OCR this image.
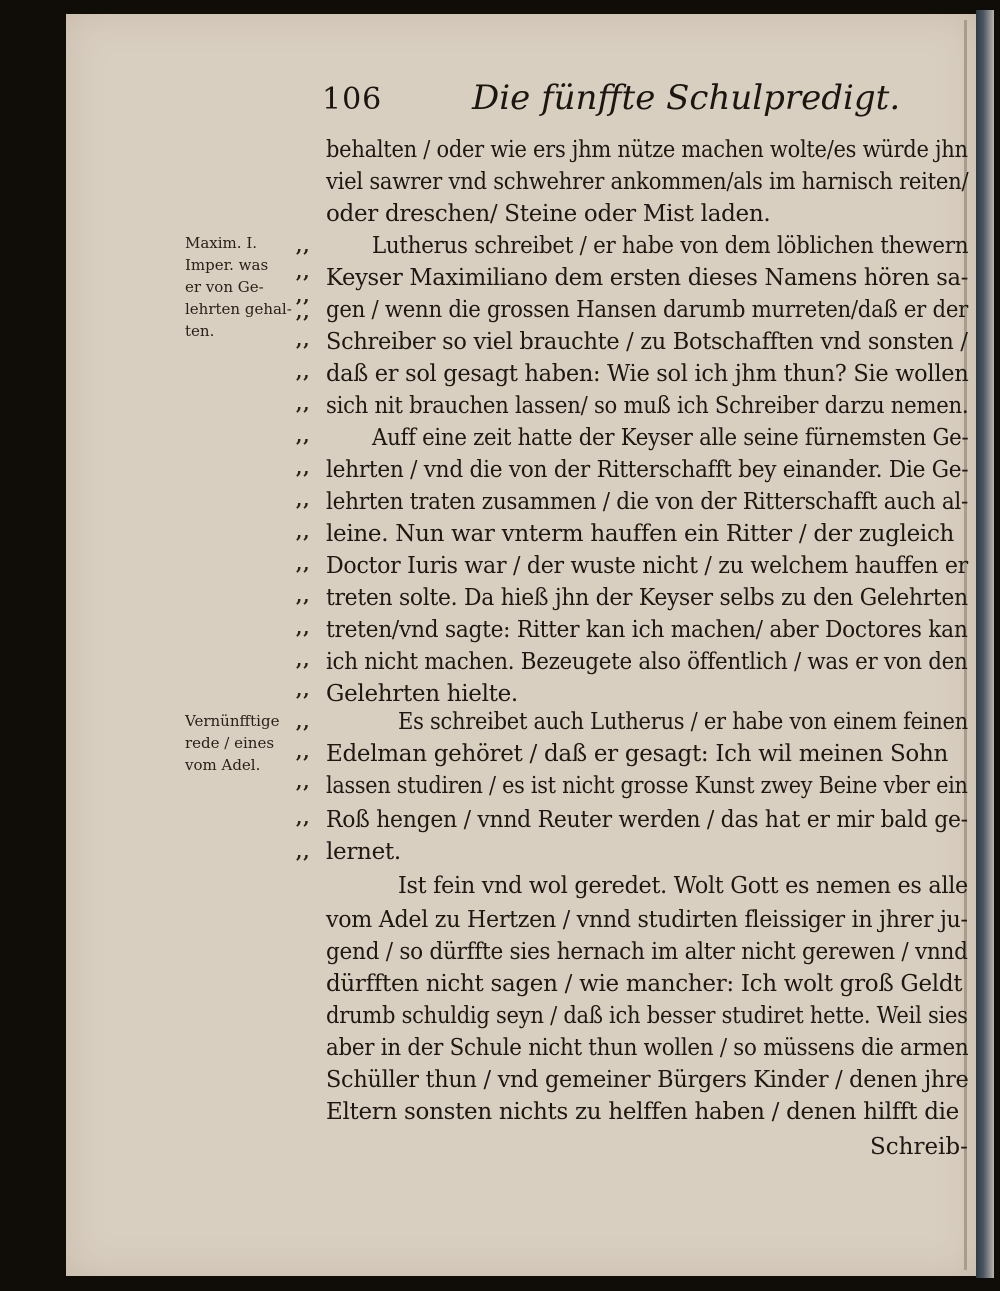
106	Die fünffte Schulpredigt.
Maxim. I.
Imper. was
er von Ge-
lehrten gehal-
ten.
Vernünfftige
rede / eines
vom Adel.
,,
,,
,,
,,
,,
,,
,,
,,
,,
,,
,,
,,
,,
,,
,,
,,
,,
,,
,,
,,
,,
behalten / oder wie ers jhm nütze machen wolte/es würde jhn
viel sawrer vnd schwehrer ankommen/als im harnisch reiten/
oder dreschen/ Steine oder Mist laden.
Lutherus schreibet / er habe von dem löblichen thewern
Keyser Maximiliano dem ersten dieses Namens hören sa-
gen / wenn die grossen Hansen darumb murreten/daß er der
Schreiber so viel brauchte / zu Botschafften vnd sonsten /
daß er sol gesagt haben: Wie sol ich jhm thun? Sie wollen
sich nit brauchen lassen/ so muß ich Schreiber darzu nemen.
Auff eine zeit hatte der Keyser alle seine fürnemsten Ge-
lehrten / vnd die von der Ritterschafft bey einander. Die Ge-
lehrten traten zusammen / die von der Ritterschafft auch al-
leine. Nun war vnterm hauffen ein Ritter / der zugleich
Doctor Iuris war / der wuste nicht / zu welchem hauffen er
treten solte. Da hieß jhn der Keyser selbs zu den Gelehrten
treten/vnd sagte: Ritter kan ich machen/ aber Doctores kan
ich nicht machen. Bezeugete also öffentlich / was er von den
Gelehrten hielte.
Es schreibet auch Lutherus / er habe von einem feinen
Edelman gehöret / daß er gesagt: Ich wil meinen Sohn
lassen studiren / es ist nicht grosse Kunst zwey Beine vber ein
Roß hengen / vnnd Reuter werden / das hat er mir bald ge-
lernet.
Ist fein vnd wol geredet. Wolt Gott es nemen es alle
vom Adel zu Hertzen / vnnd studirten fleissiger in jhrer ju-
gend / so dürffte sies hernach im alter nicht gerewen / vnnd
dürfften nicht sagen / wie mancher: Ich wolt groß Geldt
drumb schuldig seyn / daß ich besser studiret hette. Weil sies
aber in der Schule nicht thun wollen / so müssens die armen
Schüller thun / vnd gemeiner Bürgers Kinder / denen jhre
Eltern sonsten nichts zu helffen haben / denen hilfft die
Schreib-
